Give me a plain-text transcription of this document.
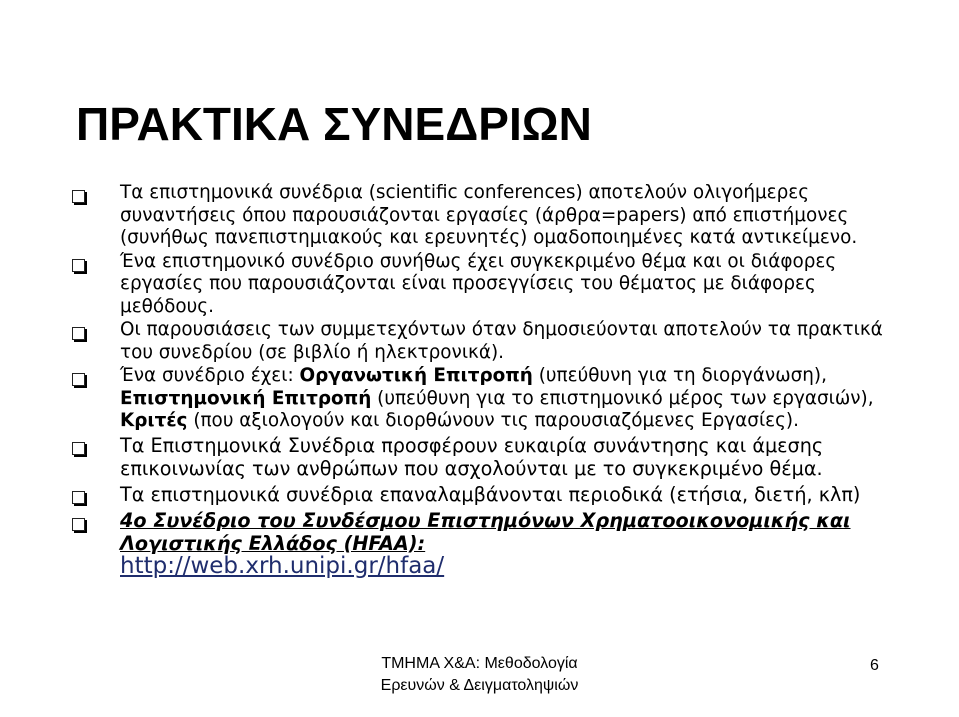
ΠΡΑΚΤΙΚΑ ΣΥΝΕΔΡΙΩΝ
Τα επιστημονικά συνέδρια (scientific conferences) αποτελούν ολιγοήμερες συναντήσεις όπου παρουσιάζονται εργασίες (άρθρα=papers) από επιστήμονες (συνήθως πανεπιστημιακούς και ερευνητές) ομαδοποιημένες κατά αντικείμενο.
Ένα επιστημονικό συνέδριο συνήθως έχει συγκεκριμένο θέμα και οι διάφορες εργασίες που παρουσιάζονται είναι προσεγγίσεις του θέματος με διάφορες μεθόδους.
Οι παρουσιάσεις των συμμετεχόντων όταν δημοσιεύονται αποτελούν τα πρακτικά του συνεδρίου (σε βιβλίο ή ηλεκτρονικά).
Ένα συνέδριο έχει: Οργανωτική Επιτροπή (υπεύθυνη για τη διοργάνωση), Επιστημονική Επιτροπή (υπεύθυνη για το επιστημονικό μέρος των εργασιών), Κριτές (που αξιολογούν και διορθώνουν τις παρουσιαζόμενες Εργασίες).
Τα Επιστημονικά Συνέδρια προσφέρουν ευκαιρία συνάντησης και άμεσης επικοινωνίας των ανθρώπων που ασχολούνται με το συγκεκριμένο θέμα.
Τα επιστημονικά συνέδρια επαναλαμβάνονται περιοδικά (ετήσια, διετή, κλπ)
4ο Συνέδριο του Συνδέσμου Επιστημόνων Χρηματοοικονομικής και Λογιστικής Ελλάδος (HFAA):
http://web.xrh.unipi.gr/hfaa/
ΤΜΗΜΑ Χ&Α: Μεθοδολογία
Ερευνών & Δειγματοληψιών
6
